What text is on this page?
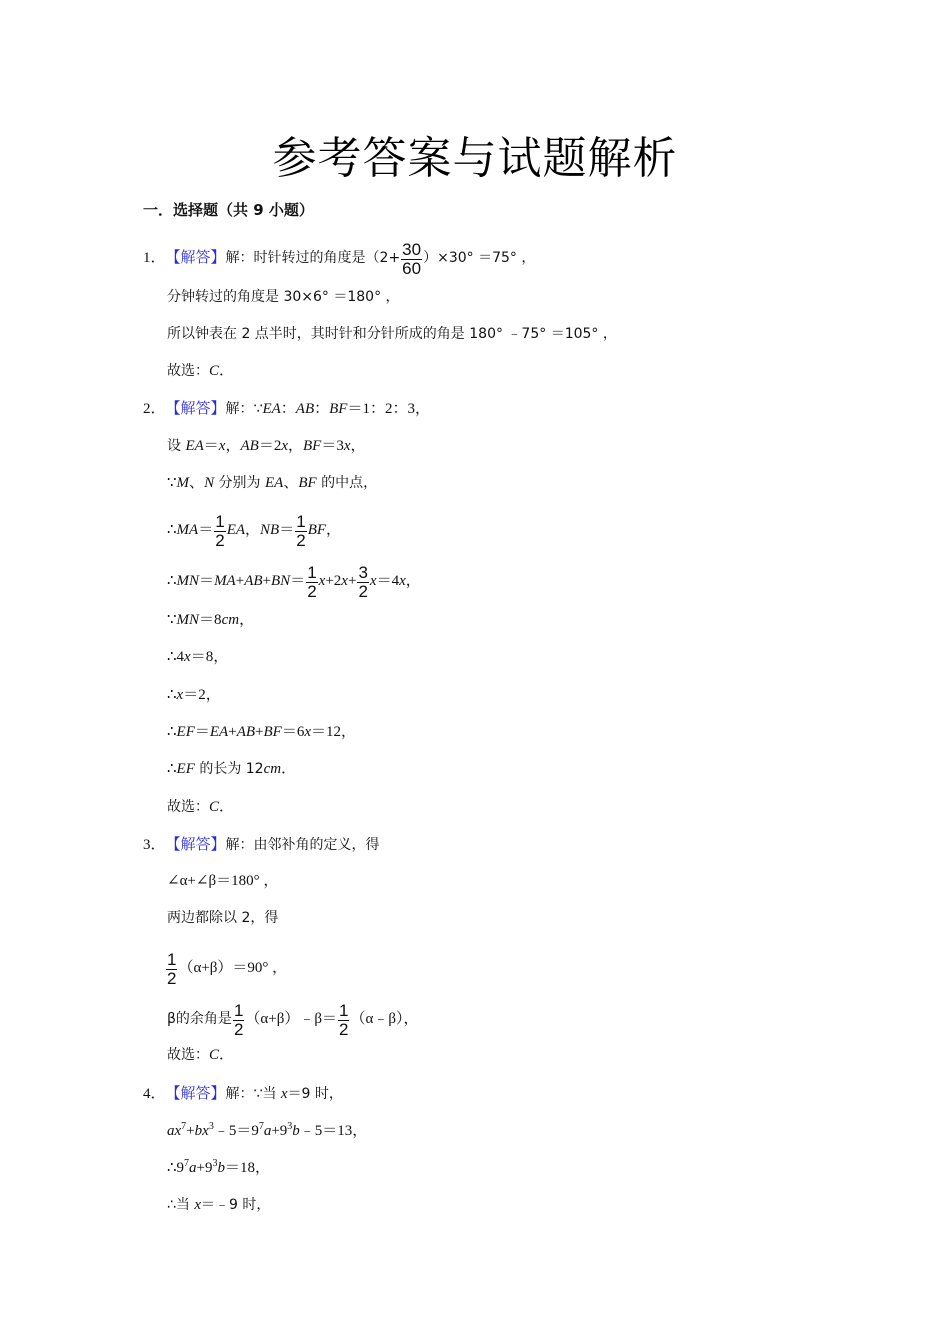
参考答案与试题解析
一．选择题（共 9 小题）
1．【解答】解：时针转过的角度是$(2+ \frac{30}{60} )\times 30^\circ =75^\circ$ ，
分钟转过的角度是 30×6° ＝180° ，
所以钟表在 2 点半时，其时针和分针所成的角是 180° ﹣75° ＝105° ，
故选：C．
2．【解答】解：∵EA：AB：BF＝1：2：3，
设 EA＝x，AB＝2x，BF＝3x，
∵M、N 分别为 EA、BF 的中点，
∴MA＝ $\frac{1}{2}$ EA，$NB= \frac{1}{2}$ BF，
∴MN＝MA+AB+BN＝ $\frac{1}{2} x+2x+ \frac{3}{2} x=4x$，
∵MN＝8cm，
∴4x＝8，
∴x＝2，
∴EF＝EA+AB+BF＝6x＝12，
∴EF 的长为 12cm．
故选：C．
3．【解答】解：由邻补角的定义，得
∠α+∠β＝180° ，
两边都除以 2，得
$\frac{1}{2} (\alpha+\beta)=90^\circ$ ，
β的余角是 $\frac{1}{2}$ （α+β）﹣β＝ $\frac{1}{2}$ （α﹣β），
故选：C．
4．【解答】解：∵当 x＝9 时，
$ax^7+bx^3﹣5=9^7a+9^3b﹣5=13$，
$\therefore 9^7a+9^3b=18$，
∴当 x＝﹣9 时，
